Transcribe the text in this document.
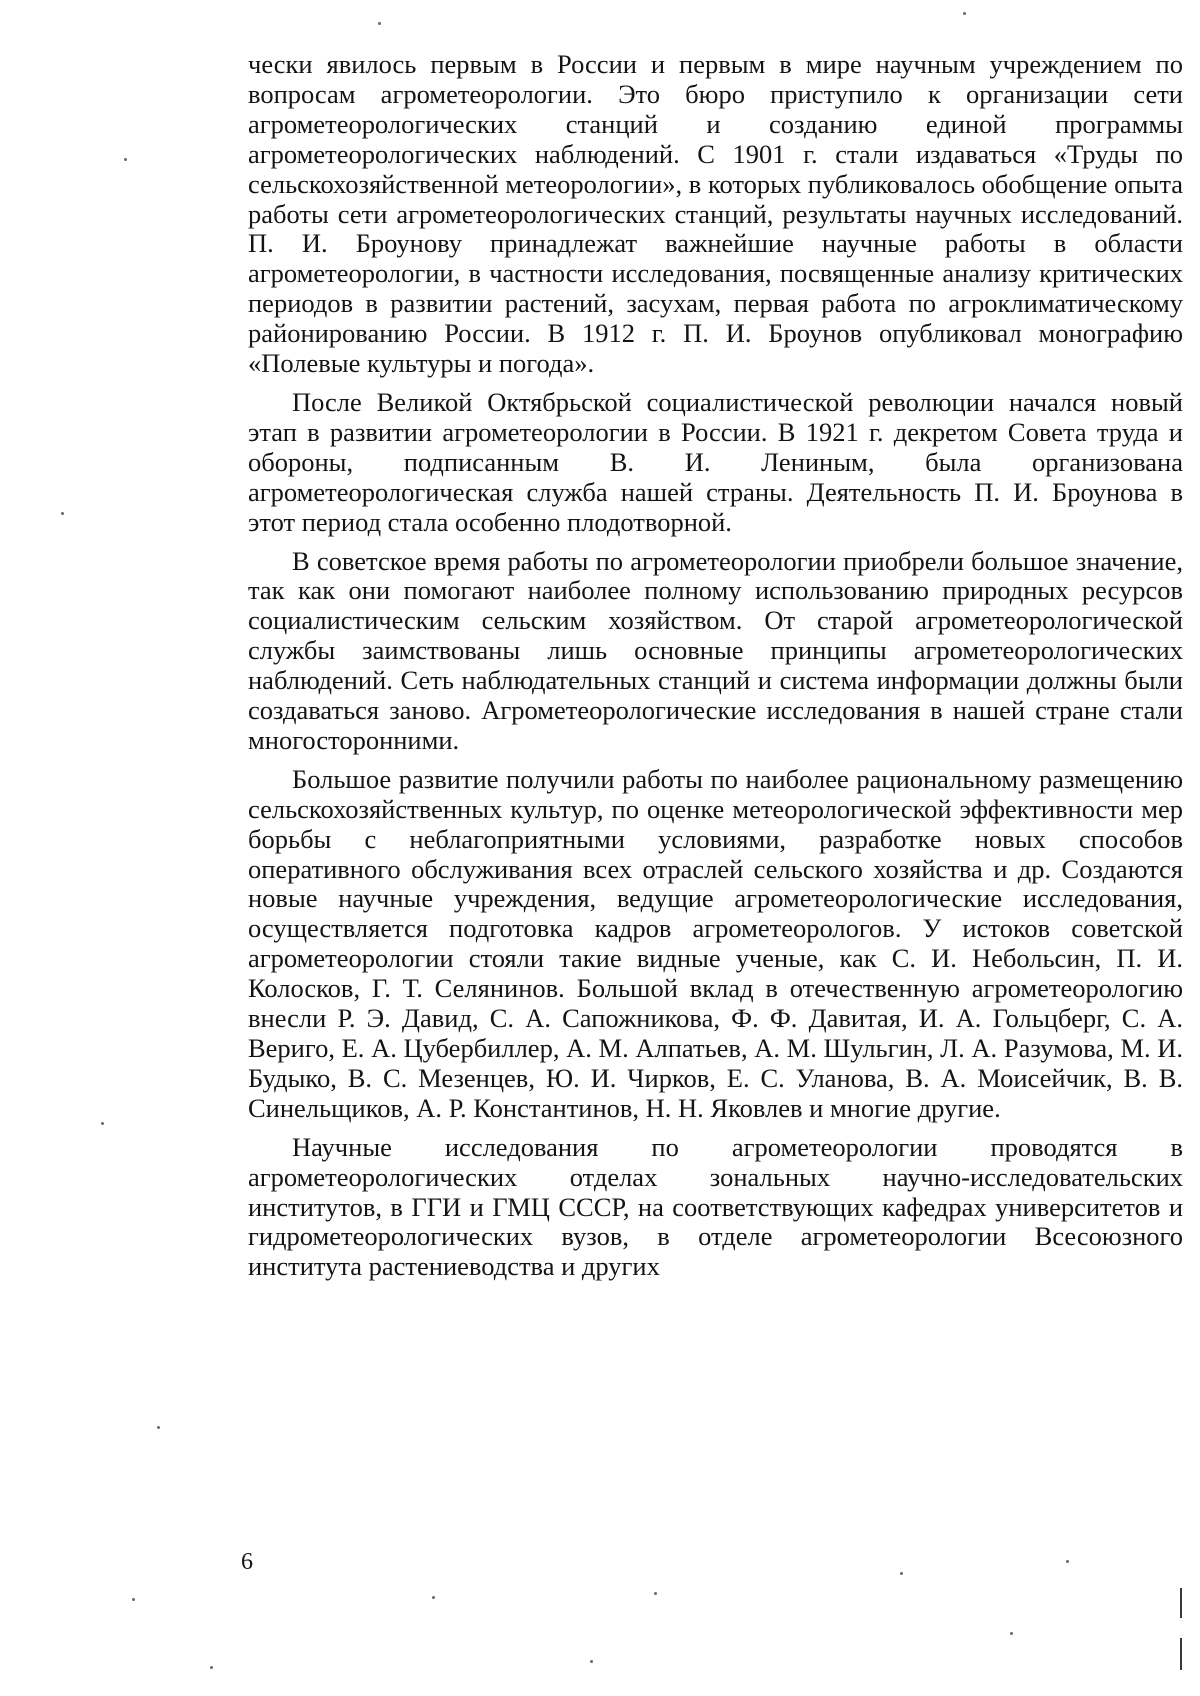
чески явилось первым в России и первым в мире научным учреждением по вопросам агрометеорологии. Это бюро приступило к организации сети агрометеорологических станций и созданию единой программы агрометеорологических наблюдений. С 1901 г. стали издаваться «Труды по сельскохозяйственной метеорологии», в которых публиковалось обобщение опыта работы сети агрометеорологических станций, результаты научных исследований. П. И. Броунову принадлежат важнейшие научные работы в области агрометеорологии, в частности исследования, посвященные анализу критических периодов в развитии растений, засухам, первая работа по агроклиматическому районированию России. В 1912 г. П. И. Броунов опубликовал монографию «Полевые культуры и погода».

После Великой Октябрьской социалистической революции начался новый этап в развитии агрометеорологии в России. В 1921 г. декретом Совета труда и обороны, подписанным В. И. Лениным, была организована агрометеорологическая служба нашей страны. Деятельность П. И. Броунова в этот период стала особенно плодотворной.

В советское время работы по агрометеорологии приобрели большое значение, так как они помогают наиболее полному использованию природных ресурсов социалистическим сельским хозяйством. От старой агрометеорологической службы заимствованы лишь основные принципы агрометеорологических наблюдений. Сеть наблюдательных станций и система информации должны были создаваться заново. Агрометеорологические исследования в нашей стране стали многосторонними.

Большое развитие получили работы по наиболее рациональному размещению сельскохозяйственных культур, по оценке метеорологической эффективности мер борьбы с неблагоприятными условиями, разработке новых способов оперативного обслуживания всех отраслей сельского хозяйства и др. Создаются новые научные учреждения, ведущие агрометеорологические исследования, осуществляется подготовка кадров агрометеорологов. У истоков советской агрометеорологии стояли такие видные ученые, как С. И. Небольсин, П. И. Колосков, Г. Т. Селянинов. Большой вклад в отечественную агрометеорологию внесли Р. Э. Давид, С. А. Сапожникова, Ф. Ф. Давитая, И. А. Гольцберг, С. А. Вериго, Е. А. Цубербиллер, А. М. Алпатьев, А. М. Шульгин, Л. А. Разумова, М. И. Будыко, В. С. Мезенцев, Ю. И. Чирков, Е. С. Уланова, В. А. Моисейчик, В. В. Синельщиков, А. Р. Константинов, Н. Н. Яковлев и многие другие.

Научные исследования по агрометеорологии проводятся в агрометеорологических отделах зональных научно-исследовательских институтов, в ГГИ и ГМЦ СССР, на соответствующих кафедрах университетов и гидрометеорологических вузов, в отделе агрометеорологии Всесоюзного института растениеводства и других

6
